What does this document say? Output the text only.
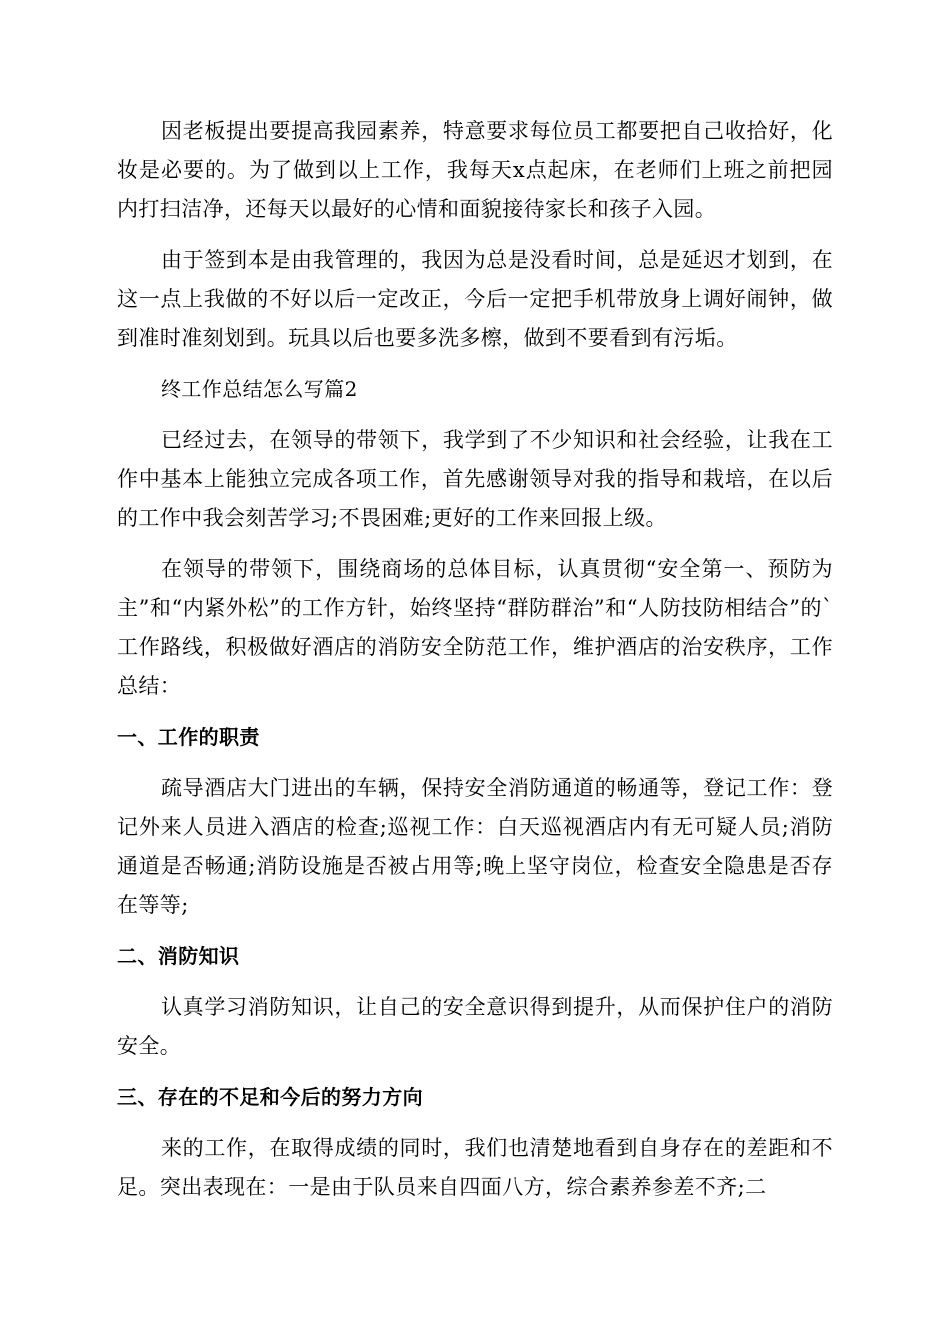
因老板提出要提高我园素养，特意要求每位员工都要把自己收拾好，化妆是必要的。为了做到以上工作，我每天x点起床，在老师们上班之前把园内打扫洁净，还每天以最好的心情和面貌接待家长和孩子入园。

由于签到本是由我管理的，我因为总是没看时间，总是延迟才划到，在这一点上我做的不好以后一定改正，今后一定把手机带放身上调好闹钟，做到准时准刻划到。玩具以后也要多洗多檫，做到不要看到有污垢。

终工作总结怎么写篇2

已经过去，在领导的带领下，我学到了不少知识和社会经验，让我在工作中基本上能独立完成各项工作，首先感谢领导对我的指导和栽培，在以后的工作中我会刻苦学习;不畏困难;更好的工作来回报上级。

在领导的带领下，围绕商场的总体目标，认真贯彻“安全第一、预防为主”和“内紧外松”的工作方针，始终坚持“群防群治”和“人防技防相结合”的`工作路线，积极做好酒店的消防安全防范工作，维护酒店的治安秩序，工作总结：

一、工作的职责

疏导酒店大门进出的车辆，保持安全消防通道的畅通等，登记工作：登记外来人员进入酒店的检查;巡视工作：白天巡视酒店内有无可疑人员;消防通道是否畅通;消防设施是否被占用等;晚上坚守岗位，检查安全隐患是否存在等等;

二、消防知识

认真学习消防知识，让自己的安全意识得到提升，从而保护住户的消防安全。

三、存在的不足和今后的努力方向

来的工作，在取得成绩的同时，我们也清楚地看到自身存在的差距和不足。突出表现在：一是由于队员来自四面八方，综合素养参差不齐;二
